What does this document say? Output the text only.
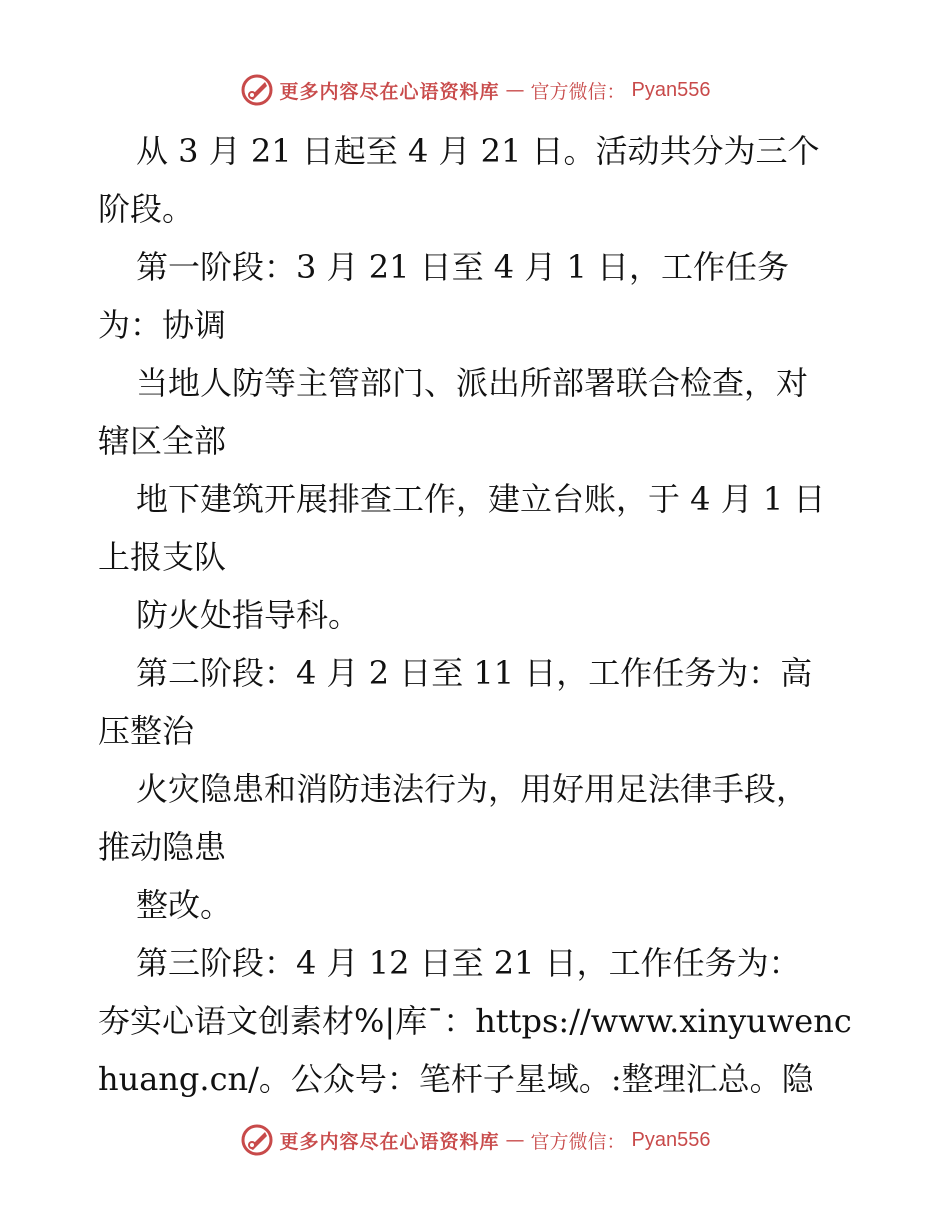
更多内容尽在心语资料库 — 官方微信： Pyan556
从 3 月 21 日起至 4 月 21 日。活动共分为三个
阶段。
第一阶段：3 月 21 日至 4 月 1 日，工作任务
为：协调
当地人防等主管部门、派出所部署联合检查，对
辖区全部
地下建筑开展排查工作，建立台账，于 4 月 1 日
上报支队
防火处指导科。
第二阶段：4 月 2 日至 11 日，工作任务为：高
压整治
火灾隐患和消防违法行为，用好用足法律手段，
推动隐患
整改。
第三阶段：4 月 12 日至 21 日，工作任务为：
夯实心语文创素材%|库¯：https://www.xinyuwenc
huang.cn/。公众号：笔杆子星域。:整理汇总。隐
更多内容尽在心语资料库 — 官方微信： Pyan556
